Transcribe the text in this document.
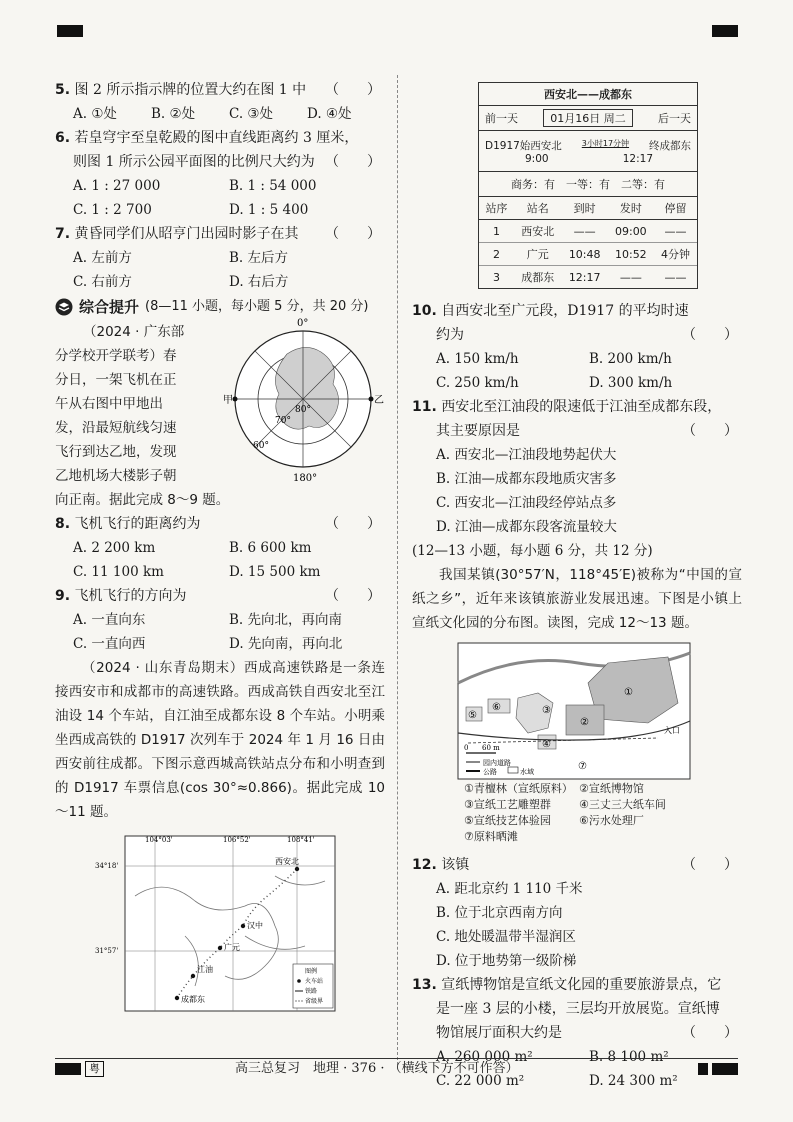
5. 图 2 所示指示牌的位置大约在图 1 中 （　　）
A. ①处	B. ②处	C. ③处	D. ④处
6. 若皇穹宇至皇乾殿的图中直线距离约 3 厘米，
则图 1 所示公园平面图的比例尺大约为 （　　）
A. 1 : 27 000	B. 1 : 54 000
C. 1 : 2 700	D. 1 : 5 400
7. 黄昏同学们从昭亨门出园时影子在其 （　　）
A. 左前方	B. 左后方
C. 右前方	D. 右后方
综合提升 (8—11 小题，每小题 5 分，共 20 分)
（2024 · 广东部
分学校开学联考）春
分日，一架飞机在正
午从右图中甲地出
发，沿最短航线匀速
飞行到达乙地，发现
乙地机场大楼影子朝
向正南。据此完成 8～9 题。
0°
180°
甲	乙
80°
70°
60°
8. 飞机飞行的距离约为	（　　）
A. 2 200 km	B. 6 600 km
C. 11 100 km	D. 15 500 km
9. 飞机飞行的方向为	（　　）
A. 一直向东	B. 先向北，再向南
C. 一直向西	D. 先向南，再向北
（2024 · 山东青岛期末）西成高速铁路是一条连接西安市和成都市的高速铁路。西成高铁自西安北至江油设 14 个车站，自江油至成都东设 8 个车站。小明乘坐西成高铁的 D1917 次列车于 2024 年 1 月 16 日由西安前往成都。下图示意西城高铁站点分布和小明查到的 D1917 车票信息(cos 30°≈0.866)。据此完成 10～11 题。
104°03'	106°52'	108°41'
34°18'
31°57'
西安北
汉中
广元
江油
成都东
图例
火车站
铁路
省级界
西安北——成都东
前一天	01月16日 周二	后一天
D1917始西安北 3小时17分钟 终成都东
9:00	12:17
商务：有　一等：有　二等：有
站序	站名	到时	发时	停留
1	西安北	——	09:00	——
2	广元	10:48	10:52	4分钟
3	成都东	12:17	——	——
10. 自西安北至广元段，D1917 的平均时速
约为	（　　）
A. 150 km/h	B. 200 km/h
C. 250 km/h	D. 300 km/h
11. 西安北至江油段的限速低于江油至成都东段，
其主要原因是	（　　）
A. 西安北—江油段地势起伏大
B. 江油—成都东段地质灾害多
C. 西安北—江油段经停站点多
D. 江油—成都东段客流量较大
(12—13 小题，每小题 6 分，共 12 分)
我国某镇(30°57′N，118°45′E)被称为“中国的宣纸之乡”，近年来该镇旅游业发展迅速。下图是小镇上宣纸文化园的分布图。读图，完成 12～13 题。
0 60 m
园内道路
公路	水域
①
②
③
④
⑤
⑥
⑦
入口
①青檀林（宣纸原料） ②宣纸博物馆
③宣纸工艺雕塑群	④三丈三大纸车间
⑤宣纸技艺体验园	⑥污水处理厂
⑦原料晒滩
12. 该镇	（　　）
A. 距北京约 1 110 千米
B. 位于北京西南方向
C. 地处暖温带半湿润区
D. 位于地势第一级阶梯
13. 宣纸博物馆是宣纸文化园的重要旅游景点，它
是一座 3 层的小楼，三层均开放展览。宣纸博
物馆展厅面积大约是	（　　）
A. 260 000 m²	B. 8 100 m²
C. 22 000 m²	D. 24 300 m²
粤	高三总复习　地理 · 376 · （横线下方不可作答）
